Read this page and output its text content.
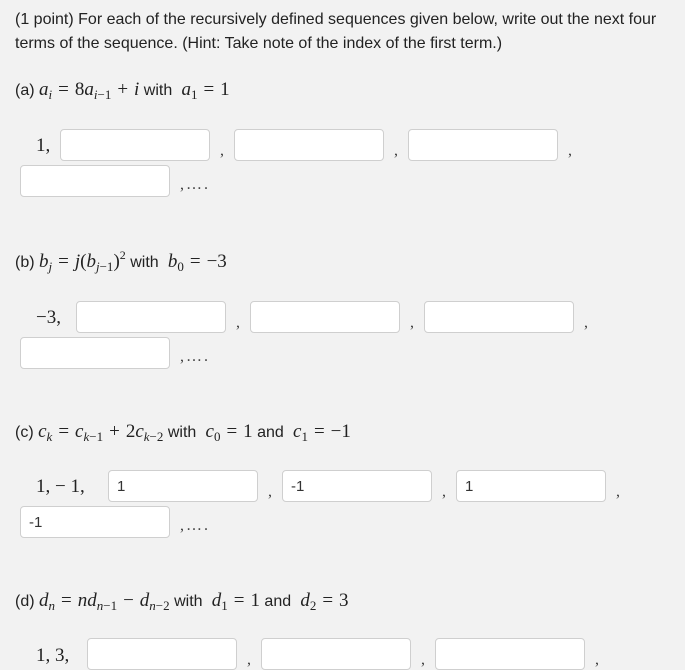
(1 point) For each of the recursively defined sequences given below, write out the next four terms of the sequence. (Hint: Take note of the index of the first term.)
(a) $a_i = 8a_{i-1} + i$ with  $a_1 = 1$
1,	,	,	,
,….
(b) $b_j = j(b_{j-1})^2$ with  $b_0 = -3$
−3,	,	,	,
,….
(c) $c_k = c_{k-1} + 2c_{k-2}$ with  $c_0 = 1$ and  $c_1 = -1$
1, − 1,
1	,
-1	,
1	,
-1
,….
(d) $d_n = nd_{n-1} - d_{n-2}$ with  $d_1 = 1$ and  $d_2 = 3$
1, 3,	,	,	,
